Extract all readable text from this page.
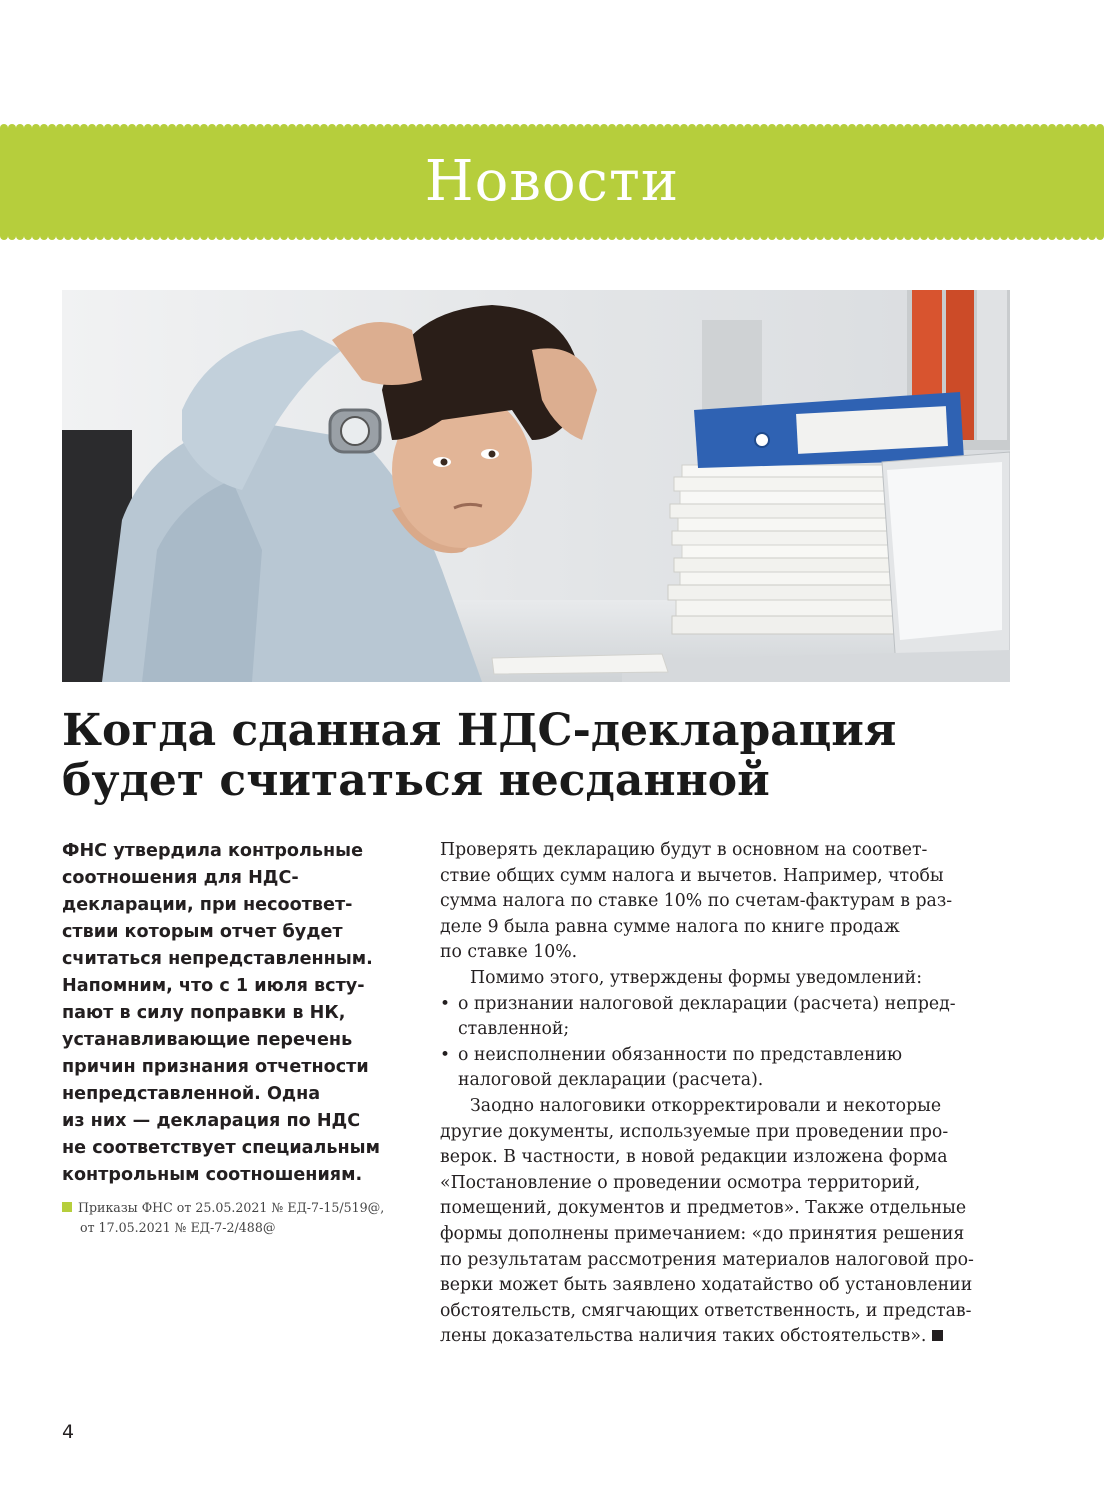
Новости
Когда сданная НДС-декларация
будет считаться несданной

ФНС утвердила контрольные

соотношения для НДС-

декларации, при несоответ-

ствии которым отчет будет

считаться непредставленным.

Напомним, что с 1 июля всту-

пают в силу поправки в НК,

устанавливающие перечень

причин признания отчетности

непредставленной. Одна

из них — декларация по НДС

не соответствует специальным

контрольным соотношениям.

Приказы ФНС от 25.05.2021 № ЕД-7-15/519@,
от 17.05.2021 № ЕД-7-2/488@

Проверять декларацию будут в основном на соответ-

ствие общих сумм налога и вычетов. Например, чтобы

сумма налога по ставке 10% по счетам-фактурам в раз-

деле 9 была равна сумме налога по книге продаж

по ставке 10%.

Помимо этого, утверждены формы уведомлений:

• о признании налоговой декларации (расчета) непред-
ставленной;
• о неисполнении обязанности по представлению
налоговой декларации (расчета).

Заодно налоговики откорректировали и некоторые

другие документы, используемые при проведении про-

верок. В частности, в новой редакции изложена форма

«Постановление о проведении осмотра территорий,

помещений, документов и предметов». Также отдельные

формы дополнены примечанием: «до принятия решения

по результатам рассмотрения материалов налоговой про-

верки может быть заявлено ходатайство об установлении

обстоятельств, смягчающих ответственность, и представ-

лены доказательства наличия таких обстоятельств».

4
